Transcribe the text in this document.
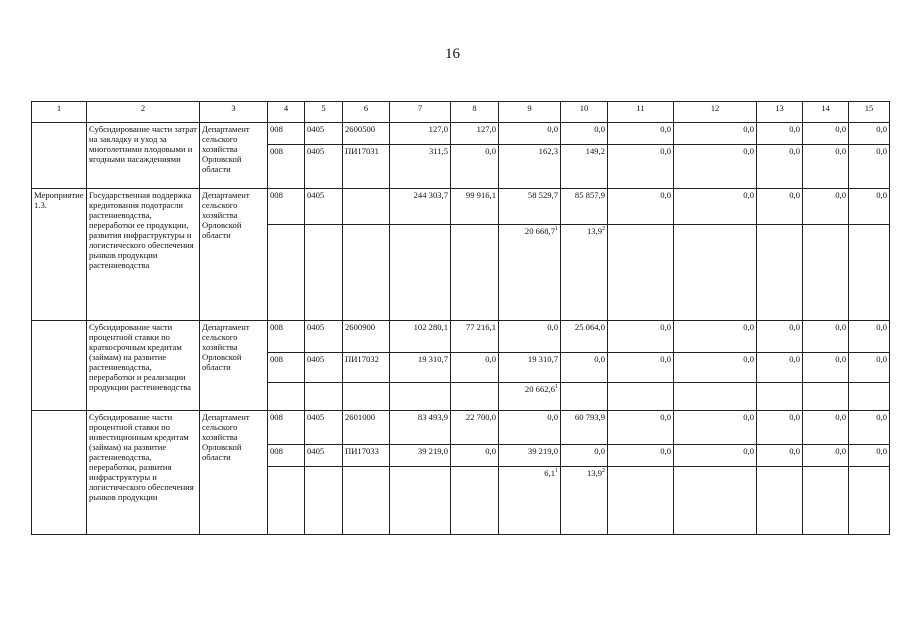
16
1	2	3	4	5	6	7	8	9	10	11	12	13	14	15
	Субсидирование части затрат на закладку и уход за многолетними плодовыми и ягодными насаждениями	Департамент сельского хозяйства Орловской области	008	0405	2600500	127,0	127,0	0,0	0,0	0,0	0,0	0,0	0,0	0,0
			008	0405	ПИ17031	311,5	0,0	162,3	149,2	0,0	0,0	0,0	0,0	0,0
Мероприятие 1.3.	Государственная поддержка кредитования подотрасли растениеводства, переработки ее продукции, развития инфраструктуры и логистического обеспечения рынков продукции растениеводства	Департамент сельского хозяйства Орловской области	008	0405		244 303,7	99 916,1	58 529,7	85 857,9	0,0	0,0	0,0	0,0	0,0
								20 668,7$^1$	13,9$^2$					
	Субсидирование части процентной ставки по краткосрочным кредитам (займам) на развитие растениеводства, переработки и реализации продукции растениеводства	Департамент сельского хозяйства Орловской области	008	0405	2600900	102 280,1	77 216,1	0,0	25 064,0	0,0	0,0	0,0	0,0	0,0
			008	0405	ПИ17032	19 310,7	0,0	19 310,7	0,0	0,0	0,0	0,0	0,0	0,0
								20 662,6$^1$						
	Субсидирование части процентной ставки по инвестиционным кредитам (займам) на развитие растениеводства, переработки, развития инфраструктуры и логистического обеспечения рынков продукции	Департамент сельского хозяйства Орловской области	008	0405	2601000	83 493,9	22 700,0	0,0	60 793,9	0,0	0,0	0,0	0,0	0,0
			008	0405	ПИ17033	39 219,0	0,0	39 219,0	0,0	0,0	0,0	0,0	0,0	0,0
								$6,1^1$	13,9$^2$					
